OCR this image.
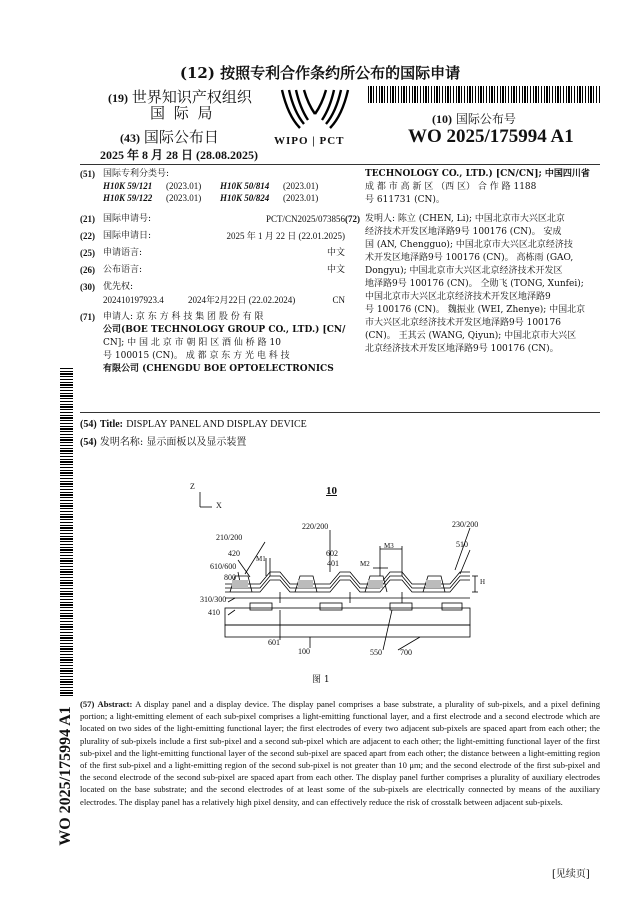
(12) 按照专利合作条约所公布的国际申请
(19) 世界知识产权组织
国 际 局
(43) 国际公布日
2025 年 8 月 28 日 (28.08.2025)
WIPO | PCT
(10) 国际公布号
WO 2025/175994 A1
(51) 国际专利分类号:
H10K 59/121 (2023.01) H10K 50/814 (2023.01)
H10K 59/122 (2023.01) H10K 50/824 (2023.01)
(21) 国际申请号:	PCT/CN2025/073856
(22) 国际申请日:	2025 年 1 月 22 日 (22.01.2025)
(25) 申请语言:	中文
(26) 公布语言:	中文
(30) 优先权:
202410197923.4	2024年2月22日 (22.02.2024)	CN
(71) 申请人: 京 东 方 科 技 集 团 股 份 有 限
公司(BOE TECHNOLOGY GROUP CO., LTD.) [CN/
CN]; 中 国 北 京 市 朝 阳 区 酒 仙 桥 路 10
号 100015 (CN)。 成 都 京 东 方 光 电 科 技
有限公司 (CHENGDU BOE OPTOELECTRONICS
TECHNOLOGY CO., LTD.) [CN/CN]; 中国四川省
成 都 市 高 新 区 （西 区） 合 作 路 1188
号 611731 (CN)。
(72) 发明人: 陈立 (CHEN, Li); 中国北京市大兴区北京
经济技术开发区地泽路9号 100176 (CN)。 安成
国 (AN, Chengguo); 中国北京市大兴区北京经济技
术开发区地泽路9号 100176 (CN)。 高栋雨 (GAO,
Dongyu); 中国北京市大兴区北京经济技术开发区
地泽路9号 100176 (CN)。 仝勋飞 (TONG, Xunfei);
中国北京市大兴区北京经济技术开发区地泽路9
号 100176 (CN)。 魏振业 (WEI, Zhenye); 中国北京
市大兴区北京经济技术开发区地泽路9号 100176
(CN)。 王其云 (WANG, Qiyun); 中国北京市大兴区
北京经济技术开发区地泽路9号 100176 (CN)。
(54) Title: DISPLAY PANEL AND DISPLAY DEVICE
(54) 发明名称: 显示面板以及显示装置
WO 2025/175994 A1
Z
X
10
210/200
220/200	230/200
420
610/600
800
310/300
410
M1
M2
M3
602
401
510
H
601
100	550 700
图 1
(57) Abstract: A display panel and a display device. The display panel comprises a base substrate, a plurality of sub-pixels, and a pixel defining portion; a light-emitting element of each sub-pixel comprises a light-emitting functional layer, and a first electrode and a second electrode which are located on two sides of the light-emitting functional layer; the first electrodes of every two adjacent sub-pixels are spaced apart from each other; the plurality of sub-pixels include a first sub-pixel and a second sub-pixel which are adjacent to each other; the light-emitting functional layer of the first sub-pixel and the light-emitting functional layer of the second sub-pixel are spaced apart from each other; the distance between a light-emitting region of the first sub-pixel and a light-emitting region of the second sub-pixel is not greater than 10 μm; and the second electrode of the first sub-pixel and the second electrode of the second sub-pixel are spaced apart from each other. The display panel further comprises a plurality of auxiliary electrodes located on the base substrate; and the second electrodes of at least some of the sub-pixels are electrically connected by means of the auxiliary electrodes. The display panel has a relatively high pixel density, and can effectively reduce the risk of crosstalk between adjacent sub-pixels.
[见续页]
